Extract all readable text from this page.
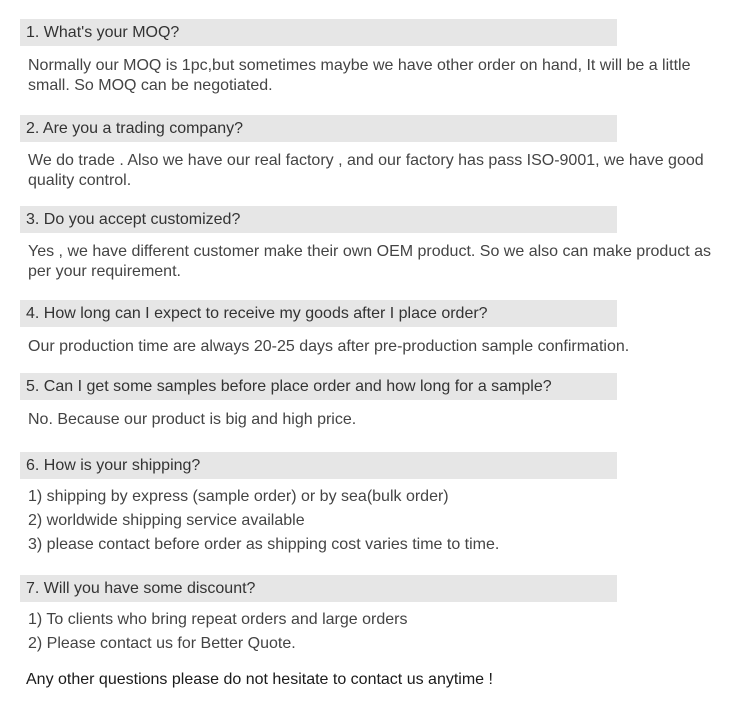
1. What's your MOQ?
Normally our MOQ is 1pc,but sometimes maybe we have other order on hand, It will be a little small. So MOQ can be negotiated.
2. Are you a trading company?
We do trade . Also we have our real factory , and our factory has pass ISO-9001, we have good quality control.
3. Do you accept customized?
Yes , we have different customer make their own OEM product. So we also can make product as per your requirement.
4. How long can I expect to receive my goods after I place order?
Our production time are always 20-25 days after pre-production sample confirmation.
5. Can I get some samples before place order and how long for a sample?
No. Because our product is big and high price.
6. How is your shipping?
1) shipping by express (sample order) or by sea(bulk order)
2) worldwide shipping service available
3) please contact before order as shipping cost varies time to time.
7. Will you have some discount?
1) To clients who bring repeat orders and large orders
2) Please contact us for Better Quote.
Any other questions please do not hesitate to contact us anytime !
